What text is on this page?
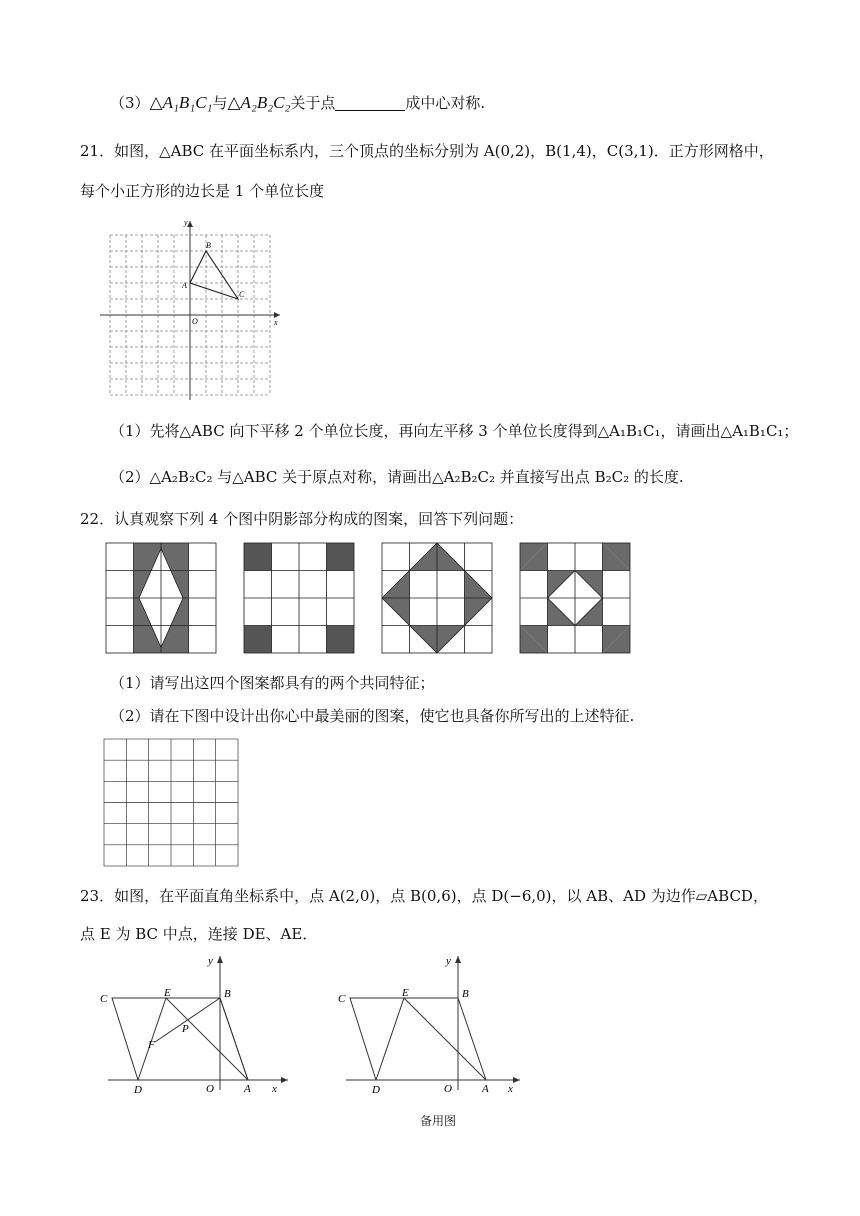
（3）△A₁B₁C₁与△A₂B₂C₂关于点	成中心对称.
21．如图，△ABC 在平面坐标系内，三个顶点的坐标分别为 A(0,2)，B(1,4)，C(3,1)．正方形网格中，
每个小正方形的边长是 1 个单位长度
y
x
O
A
B
C
（1）先将△ABC 向下平移 2 个单位长度，再向左平移 3 个单位长度得到△A₁B₁C₁，请画出△A₁B₁C₁；
（2）△A₂B₂C₂ 与△ABC 关于原点对称，请画出△A₂B₂C₂ 并直接写出点 B₂C₂ 的长度.
22．认真观察下列 4 个图中阴影部分构成的图案，回答下列问题：
（1）请写出这四个图案都具有的两个共同特征；
（2）请在下图中设计出你心中最美丽的图案，使它也具备你所写出的上述特征.
23．如图，在平面直角坐标系中，点 A(2,0)，点 B(0,6)，点 D(−6,0)，以 AB、AD 为边作▱ABCD，
点 E 为 BC 中点，连接 DE、AE．
y
x
O	A
B
C
D
E
F
P
y
x
O	A
B
C
D
E
备用图
